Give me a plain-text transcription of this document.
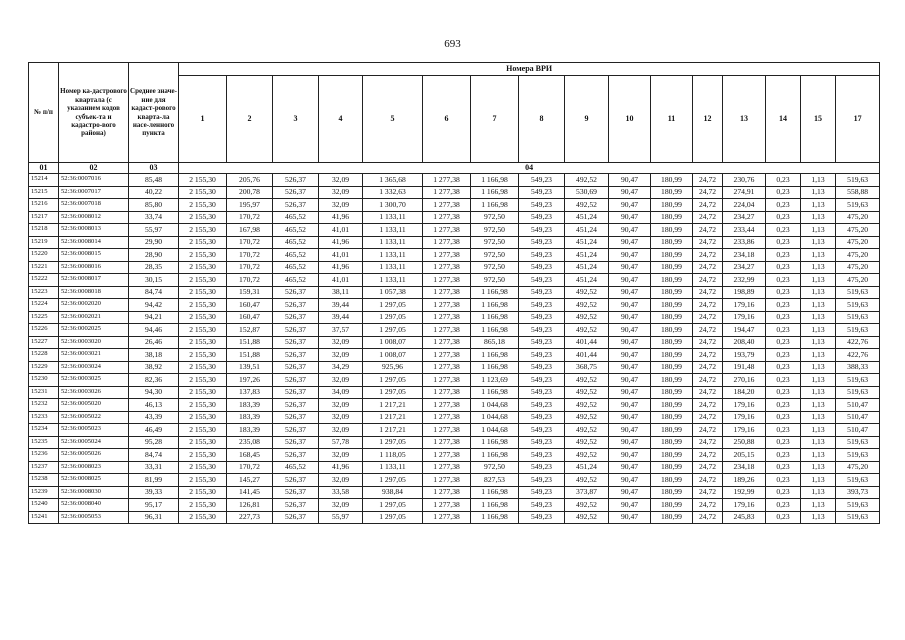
693
№ п/п	Номер ка-дастрового квартала (с указанием кодов субъек-та и кадастро-вого района)	Среднее значе-ние для кадаст-рового кварта-ла насе-ленного пункта	Номера ВРИ															
			1	2	3	4	5	6	7	8	9	10	11	12	13	14	15	17
01	02	03	04															
15214	52:36:0007016	85,48	2 155,30	205,76	526,37	32,09	1 365,68	1 277,38	1 166,98	549,23	492,52	90,47	180,99	24,72	230,76	0,23	1,13	519,63
15215	52:36:0007017	40,22	2 155,30	200,78	526,37	32,09	1 332,63	1 277,38	1 166,98	549,23	530,69	90,47	180,99	24,72	274,91	0,23	1,13	558,88
15216	52:36:0007018	85,80	2 155,30	195,97	526,37	32,09	1 300,70	1 277,38	1 166,98	549,23	492,52	90,47	180,99	24,72	224,04	0,23	1,13	519,63
15217	52:36:0008012	33,74	2 155,30	170,72	465,52	41,96	1 133,11	1 277,38	972,50	549,23	451,24	90,47	180,99	24,72	234,27	0,23	1,13	475,20
15218	52:36:0008013	55,97	2 155,30	167,98	465,52	41,01	1 133,11	1 277,38	972,50	549,23	451,24	90,47	180,99	24,72	233,44	0,23	1,13	475,20
15219	52:36:0008014	29,90	2 155,30	170,72	465,52	41,96	1 133,11	1 277,38	972,50	549,23	451,24	90,47	180,99	24,72	233,86	0,23	1,13	475,20
15220	52:36:0008015	28,90	2 155,30	170,72	465,52	41,01	1 133,11	1 277,38	972,50	549,23	451,24	90,47	180,99	24,72	234,18	0,23	1,13	475,20
15221	52:36:0008016	28,35	2 155,30	170,72	465,52	41,96	1 133,11	1 277,38	972,50	549,23	451,24	90,47	180,99	24,72	234,27	0,23	1,13	475,20
15222	52:36:0008017	30,15	2 155,30	170,72	465,52	41,01	1 133,11	1 277,38	972,50	549,23	451,24	90,47	180,99	24,72	232,99	0,23	1,13	475,20
15223	52:36:0008018	84,74	2 155,30	159,31	526,37	38,11	1 057,38	1 277,38	1 166,98	549,23	492,52	90,47	180,99	24,72	198,89	0,23	1,13	519,63
15224	52:36:0002020	94,42	2 155,30	160,47	526,37	39,44	1 297,05	1 277,38	1 166,98	549,23	492,52	90,47	180,99	24,72	179,16	0,23	1,13	519,63
15225	52:36:0002021	94,21	2 155,30	160,47	526,37	39,44	1 297,05	1 277,38	1 166,98	549,23	492,52	90,47	180,99	24,72	179,16	0,23	1,13	519,63
15226	52:36:0002025	94,46	2 155,30	152,87	526,37	37,57	1 297,05	1 277,38	1 166,98	549,23	492,52	90,47	180,99	24,72	194,47	0,23	1,13	519,63
15227	52:36:0003020	26,46	2 155,30	151,88	526,37	32,09	1 008,07	1 277,38	865,18	549,23	401,44	90,47	180,99	24,72	208,40	0,23	1,13	422,76
15228	52:36:0003021	38,18	2 155,30	151,88	526,37	32,09	1 008,07	1 277,38	1 166,98	549,23	401,44	90,47	180,99	24,72	193,79	0,23	1,13	422,76
15229	52:36:0003024	38,92	2 155,30	139,51	526,37	34,29	925,96	1 277,38	1 166,98	549,23	368,75	90,47	180,99	24,72	191,48	0,23	1,13	388,33
15230	52:36:0003025	82,36	2 155,30	197,26	526,37	32,09	1 297,05	1 277,38	1 123,69	549,23	492,52	90,47	180,99	24,72	270,16	0,23	1,13	519,63
15231	52:36:0003026	94,30	2 155,30	137,83	526,37	34,09	1 297,05	1 277,38	1 166,98	549,23	492,52	90,47	180,99	24,72	184,20	0,23	1,13	519,63
15232	52:36:0005020	46,13	2 155,30	183,39	526,37	32,09	1 217,21	1 277,38	1 044,68	549,23	492,52	90,47	180,99	24,72	179,16	0,23	1,13	510,47
15233	52:36:0005022	43,39	2 155,30	183,39	526,37	32,09	1 217,21	1 277,38	1 044,68	549,23	492,52	90,47	180,99	24,72	179,16	0,23	1,13	510,47
15234	52:36:0005023	46,49	2 155,30	183,39	526,37	32,09	1 217,21	1 277,38	1 044,68	549,23	492,52	90,47	180,99	24,72	179,16	0,23	1,13	510,47
15235	52:36:0005024	95,28	2 155,30	235,08	526,37	57,78	1 297,05	1 277,38	1 166,98	549,23	492,52	90,47	180,99	24,72	250,88	0,23	1,13	519,63
15236	52:36:0005026	84,74	2 155,30	168,45	526,37	32,09	1 118,05	1 277,38	1 166,98	549,23	492,52	90,47	180,99	24,72	205,15	0,23	1,13	519,63
15237	52:36:0008023	33,31	2 155,30	170,72	465,52	41,96	1 133,11	1 277,38	972,50	549,23	451,24	90,47	180,99	24,72	234,18	0,23	1,13	475,20
15238	52:36:0008025	81,99	2 155,30	145,27	526,37	32,09	1 297,05	1 277,38	827,53	549,23	492,52	90,47	180,99	24,72	189,26	0,23	1,13	519,63
15239	52:36:0008030	39,33	2 155,30	141,45	526,37	33,58	938,84	1 277,38	1 166,98	549,23	373,87	90,47	180,99	24,72	192,99	0,23	1,13	393,73
15240	52:36:0008040	95,17	2 155,30	126,81	526,37	32,09	1 297,05	1 277,38	1 166,98	549,23	492,52	90,47	180,99	24,72	179,16	0,23	1,13	519,63
15241	52:36:0005053	96,31	2 155,30	227,73	526,37	55,97	1 297,05	1 277,38	1 166,98	549,23	492,52	90,47	180,99	24,72	245,83	0,23	1,13	519,63
